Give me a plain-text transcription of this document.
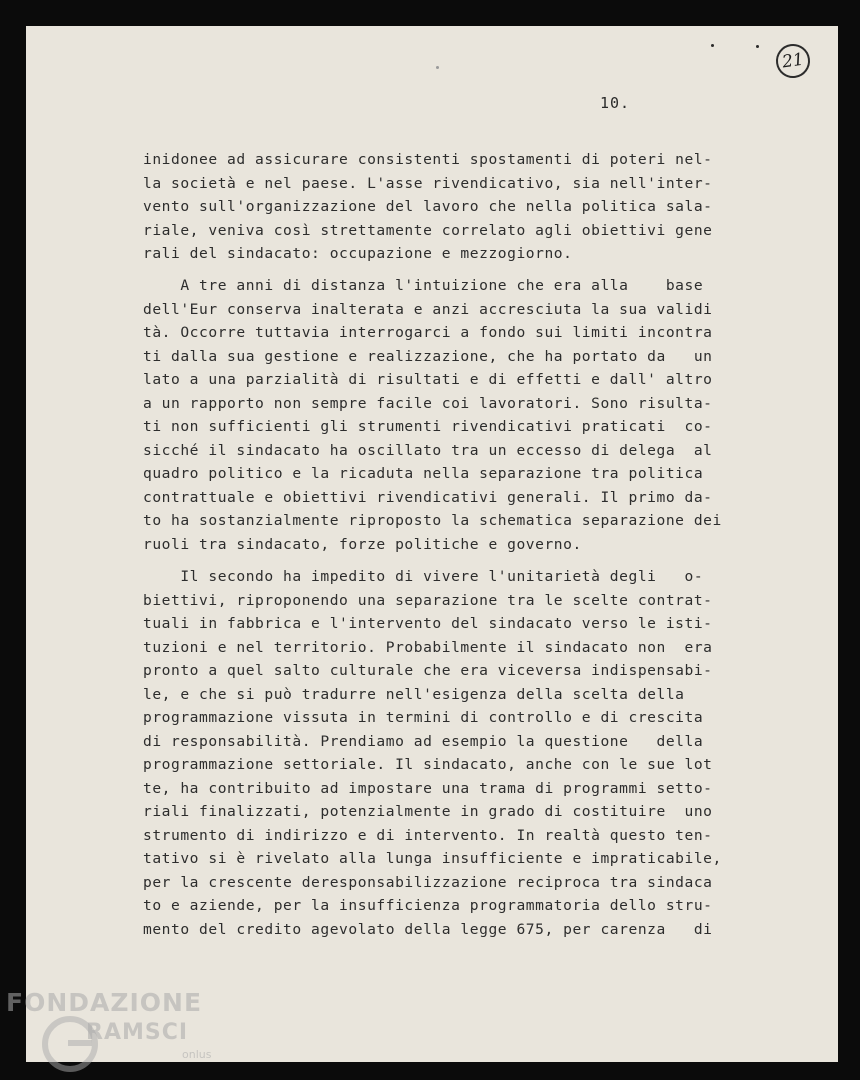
21
10.
inidonee ad assicurare consistenti spostamenti di poteri nel-
la società e nel paese. L'asse rivendicativo, sia nell'inter-
vento sull'organizzazione del lavoro che nella politica sala-
riale, veniva così strettamente correlato agli obiettivi gene
rali del sindacato: occupazione e mezzogiorno.
A tre anni di distanza l'intuizione che era alla    base
dell'Eur conserva inalterata e anzi accresciuta la sua validi
tà. Occorre tuttavia interrogarci a fondo sui limiti incontra
ti dalla sua gestione e realizzazione, che ha portato da   un
lato a una parzialità di risultati e di effetti e dall' altro
a un rapporto non sempre facile coi lavoratori. Sono risulta-
ti non sufficienti gli strumenti rivendicativi praticati  co-
sicché il sindacato ha oscillato tra un eccesso di delega  al
quadro politico e la ricaduta nella separazione tra politica
contrattuale e obiettivi rivendicativi generali. Il primo da-
to ha sostanzialmente riproposto la schematica separazione dei
ruoli tra sindacato, forze politiche e governo.
Il secondo ha impedito di vivere l'unitarietà degli   o-
biettivi, riproponendo una separazione tra le scelte contrat-
tuali in fabbrica e l'intervento del sindacato verso le isti-
tuzioni e nel territorio. Probabilmente il sindacato non  era
pronto a quel salto culturale che era viceversa indispensabi-
le, e che si può tradurre nell'esigenza della scelta della
programmazione vissuta in termini di controllo e di crescita
di responsabilità. Prendiamo ad esempio la questione   della
programmazione settoriale. Il sindacato, anche con le sue lot
te, ha contribuito ad impostare una trama di programmi setto-
riali finalizzati, potenzialmente in grado di costituire  uno
strumento di indirizzo e di intervento. In realtà questo ten-
tativo si è rivelato alla lunga insufficiente e impraticabile,
per la crescente deresponsabilizzazione reciproca tra sindaca
to e aziende, per la insufficienza programmatoria dello stru-
mento del credito agevolato della legge 675, per carenza   di
FONDAZIONE
RAMSCI
onlus
